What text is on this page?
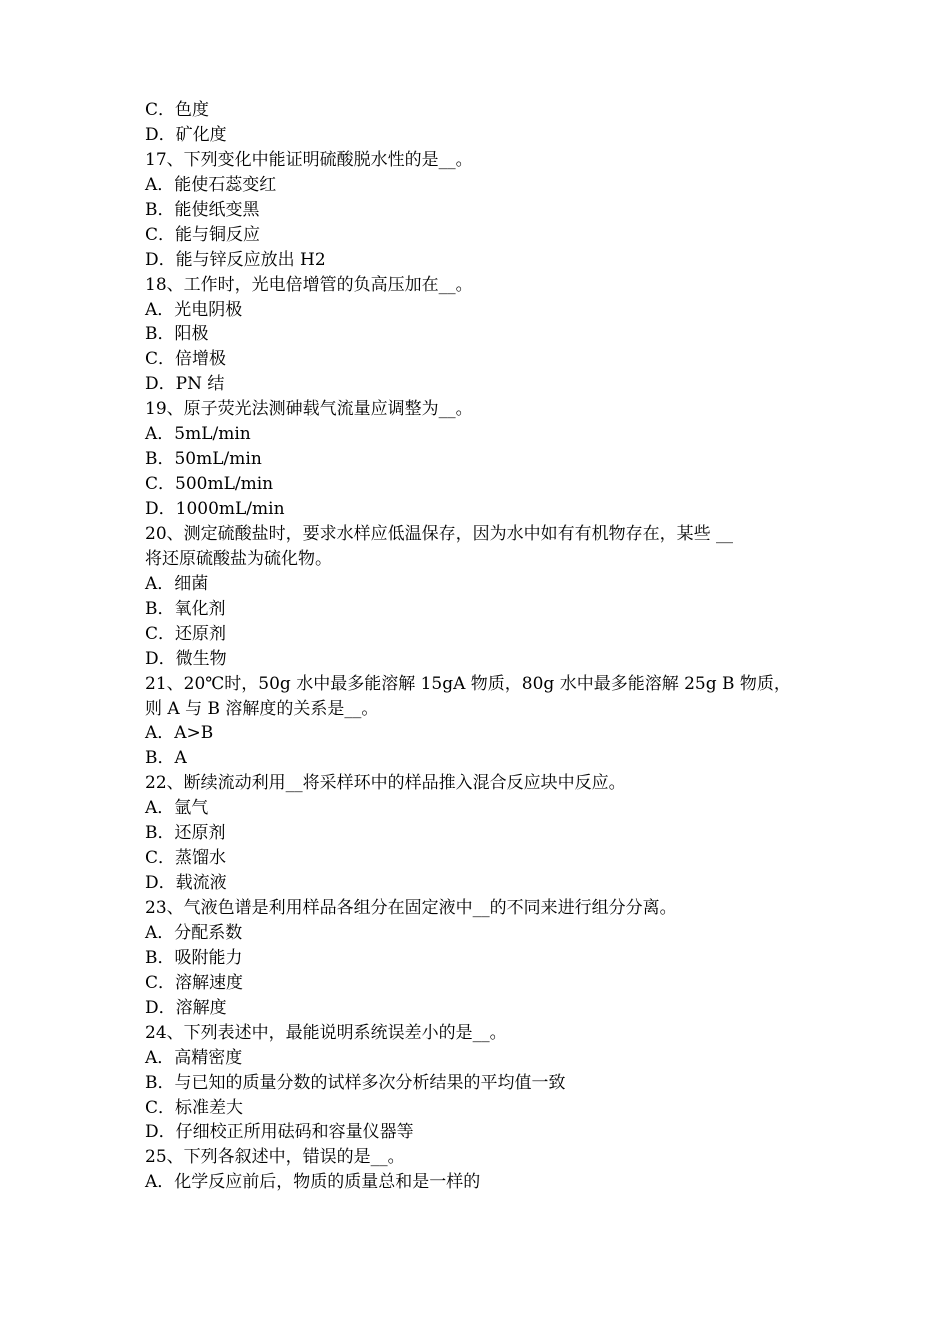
C．色度
D．矿化度
17、下列变化中能证明硫酸脱水性的是__。
A．能使石蕊变红
B．能使纸变黑
C．能与铜反应
D．能与锌反应放出 H2
18、工作时，光电倍增管的负高压加在__。
A．光电阴极
B．阳极
C．倍增极
D．PN 结
19、原子荧光法测砷载气流量应调整为__。
A．5mL/min
B．50mL/min
C．500mL/min
D．1000mL/min
20、测定硫酸盐时，要求水样应低温保存，因为水中如有有机物存在，某些 __
将还原硫酸盐为硫化物。
A．细菌
B．氧化剂
C．还原剂
D．微生物
21、20℃时，50g 水中最多能溶解 15gA 物质，80g 水中最多能溶解 25g B 物质，
则 A 与 B 溶解度的关系是__。
A．A>B
B．A
22、断续流动利用__将采样环中的样品推入混合反应块中反应。
A．氩气
B．还原剂
C．蒸馏水
D．载流液
23、气液色谱是利用样品各组分在固定液中__的不同来进行组分分离。
A．分配系数
B．吸附能力
C．溶解速度
D．溶解度
24、下列表述中，最能说明系统误差小的是__。
A．高精密度
B．与已知的质量分数的试样多次分析结果的平均值一致
C．标准差大
D．仔细校正所用砝码和容量仪器等
25、下列各叙述中，错误的是__。
A．化学反应前后，物质的质量总和是一样的
